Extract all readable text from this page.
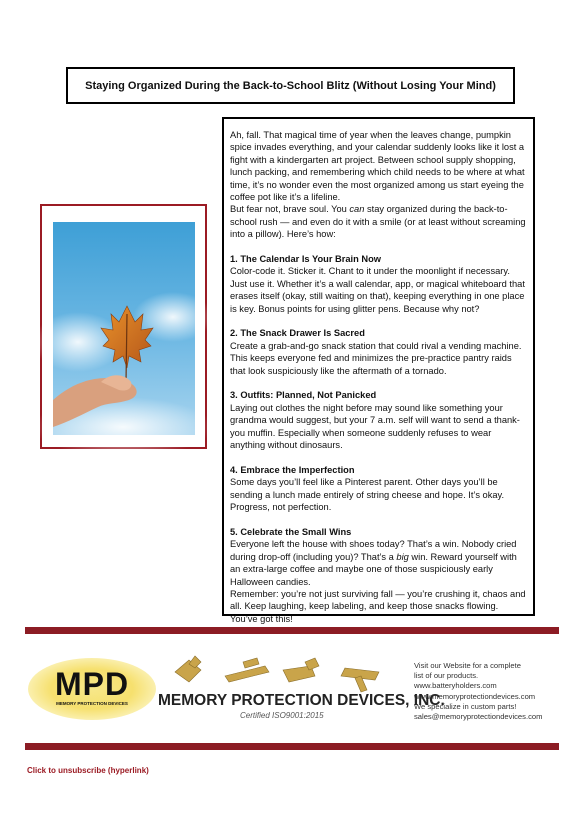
Staying Organized During the Back-to-School Blitz (Without Losing Your Mind)

Ah, fall. That magical time of year when the leaves change, pumpkin spice invades everything, and your calendar suddenly looks like it lost a fight with a kindergarten art project. Between school supply shopping, lunch packing, and remembering which child needs to be where at what time, it’s no wonder even the most organized among us start eyeing the coffee pot like it’s a lifeline.

But fear not, brave soul. You can stay organized during the back-to-school rush — and even do it with a smile (or at least without screaming into a pillow). Here’s how:

1. The Calendar Is Your Brain Now

Color-code it. Sticker it. Chant to it under the moonlight if necessary. Just use it. Whether it’s a wall calendar, app, or magical whiteboard that erases itself (okay, still waiting on that), keeping everything in one place is key. Bonus points for using glitter pens. Because why not?

2. The Snack Drawer Is Sacred

Create a grab-and-go snack station that could rival a vending machine. This keeps everyone fed and minimizes the pre-practice pantry raids that look suspiciously like the aftermath of a tornado.

3. Outfits: Planned, Not Panicked

Laying out clothes the night before may sound like something your grandma would suggest, but your 7 a.m. self will want to send a thank-you muffin. Especially when someone suddenly refuses to wear anything without dinosaurs.

4. Embrace the Imperfection

Some days you’ll feel like a Pinterest parent. Other days you’ll be sending a lunch made entirely of string cheese and hope. It’s okay. Progress, not perfection.

5. Celebrate the Small Wins

Everyone left the house with shoes today? That’s a win. Nobody cried during drop-off (including you)? That’s a big win. Reward yourself with an extra-large coffee and maybe one of those suspiciously early Halloween candies.

Remember: you’re not just surviving fall — you’re crushing it, chaos and all. Keep laughing, keep labeling, and keep those snacks flowing. You’ve got this!

MPD
MEMORY PROTECTION DEVICES	MEMORY PROTECTION DEVICES, INC.
Certified ISO9001:2015
Visit our Website for a complete
list of our products.
www.batteryholders.com
www.memoryprotectiondevices.com
We specialize in custom parts!
sales@memoryprotectiondevices.com
Click to unsubscribe (hyperlink)
